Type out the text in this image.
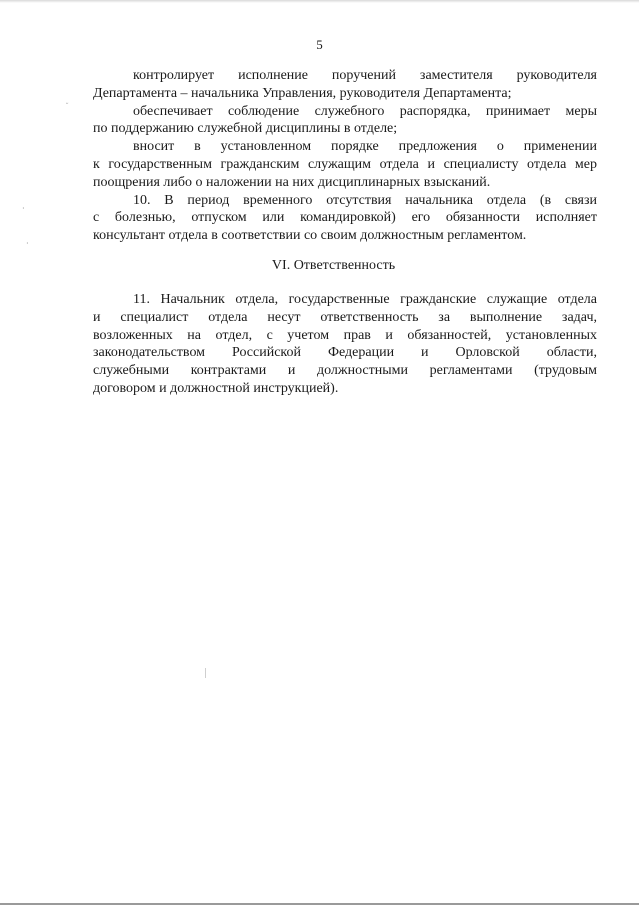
ᵕ
·
·
5
контролирует исполнение поручений заместителя руководителя
Департамента – начальника Управления, руководителя Департамента;
обеспечивает соблюдение служебного распорядка, принимает меры
по поддержанию служебной дисциплины в отделе;
вносит в установленном порядке предложения о применении
к государственным гражданским служащим отдела и специалисту отдела мер
поощрения либо о наложении на них дисциплинарных взысканий.
10. В период временного отсутствия начальника отдела (в связи
с болезнью, отпуском или командировкой) его обязанности исполняет
консультант отдела в соответствии со своим должностным регламентом.
VI. Ответственность
11. Начальник отдела, государственные гражданские служащие отдела
и специалист отдела несут ответственность за выполнение задач,
возложенных на отдел, с учетом прав и обязанностей, установленных
законодательством Российской Федерации и Орловской области,
служебными контрактами и должностными регламентами (трудовым
договором и должностной инструкцией).
